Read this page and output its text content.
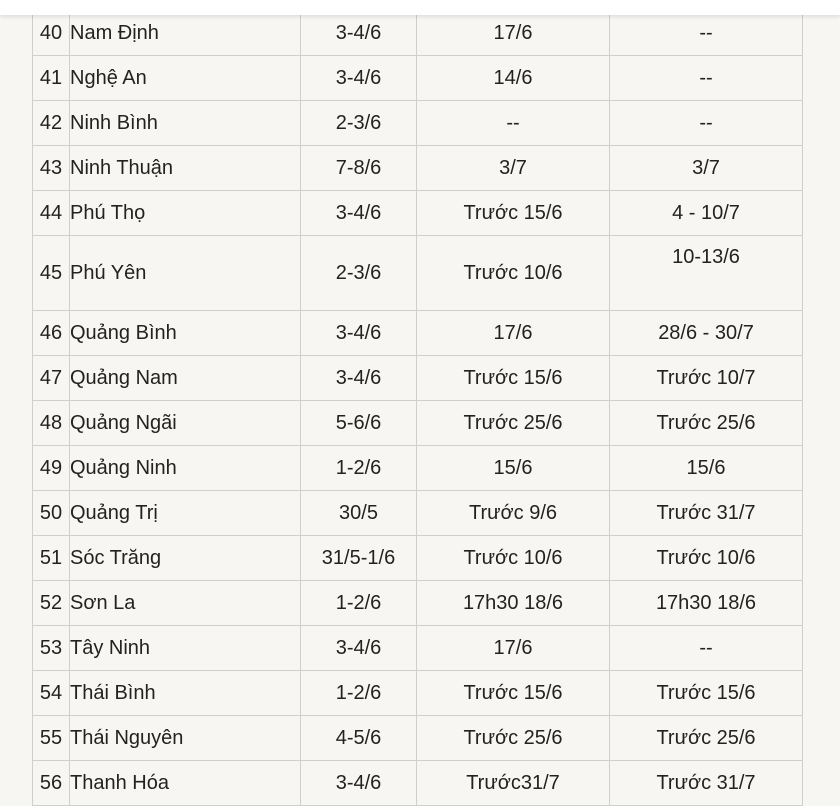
40	Nam Định	3-4/6	17/6	--
41	Nghệ An	3-4/6	14/6	--
42	Ninh Bình	2-3/6	--	--
43	Ninh Thuận	7-8/6	3/7	3/7
44	Phú Thọ	3-4/6	Trước 15/6	4 - 10/7
45	Phú Yên	2-3/6	Trước 10/6	10-13/6
46	Quảng Bình	3-4/6	17/6	28/6 - 30/7
47	Quảng Nam	3-4/6	Trước 15/6	Trước 10/7
48	Quảng Ngãi	5-6/6	Trước 25/6	Trước 25/6
49	Quảng Ninh	1-2/6	15/6	15/6
50	Quảng Trị	30/5	Trước 9/6	Trước 31/7
51	Sóc Trăng	31/5-1/6	Trước 10/6	Trước 10/6
52	Sơn La	1-2/6	17h30 18/6	17h30 18/6
53	Tây Ninh	3-4/6	17/6	--
54	Thái Bình	1-2/6	Trước 15/6	Trước 15/6
55	Thái Nguyên	4-5/6	Trước 25/6	Trước 25/6
56	Thanh Hóa	3-4/6	Trước31/7	Trước 31/7
